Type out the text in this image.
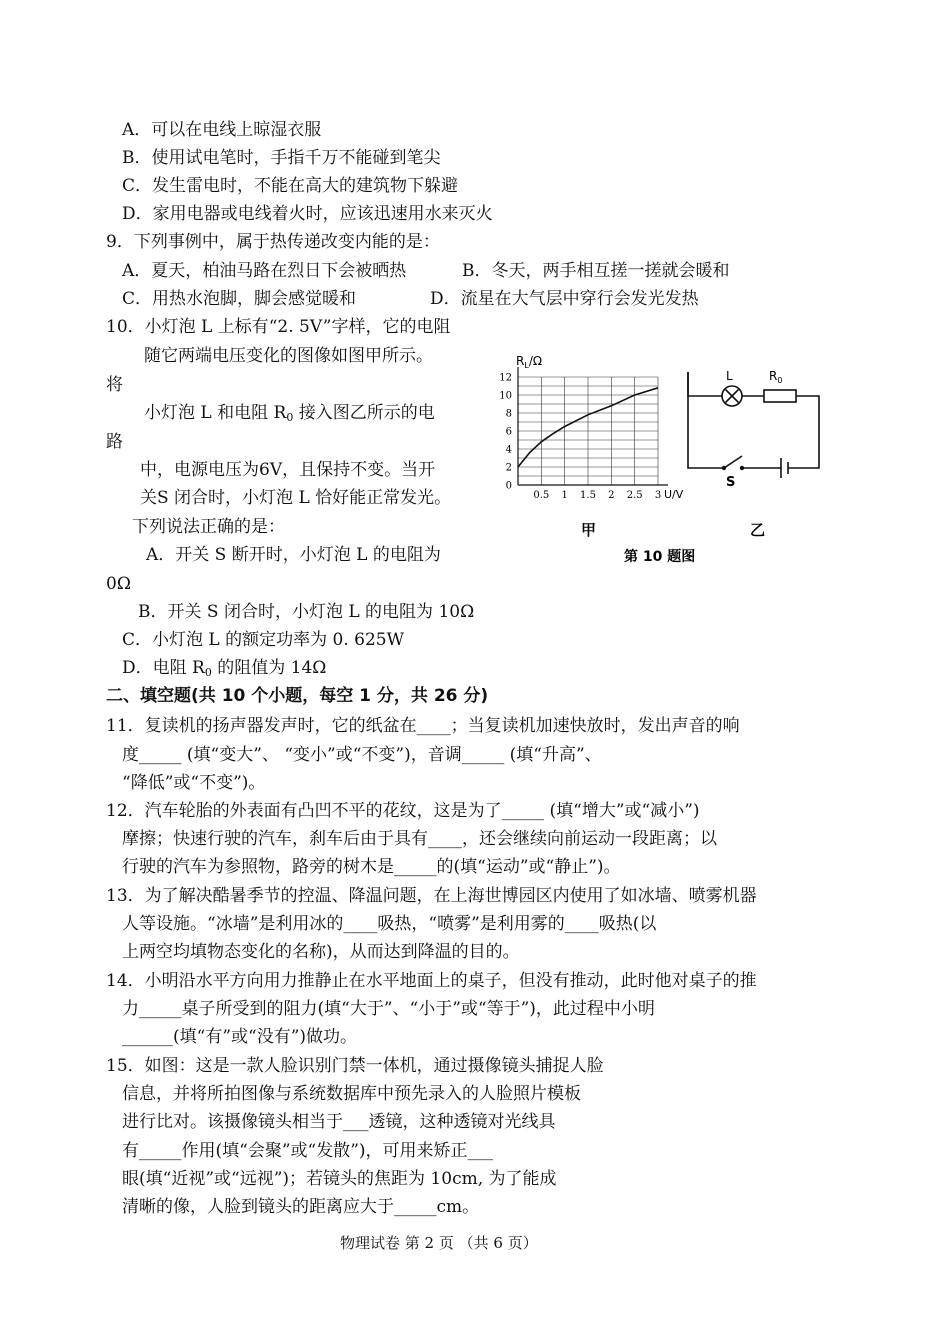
A．可以在电线上晾湿衣服
B．使用试电笔时，手指千万不能碰到笔尖
C．发生雷电时，不能在高大的建筑物下躲避
D．家用电器或电线着火时，应该迅速用水来灭火
9．下列事例中，属于热传递改变内能的是：
A．夏天，柏油马路在烈日下会被晒热	B．冬天，两手相互搓一搓就会暖和
C．用热水泡脚，脚会感觉暖和	D．流星在大气层中穿行会发光发热
10．小灯泡 L 上标有“2. 5V”字样，它的电阻
随它两端电压变化的图像如图甲所示。
将
小灯泡 L 和电阻 $R_0$ 接入图乙所示的电
路
中，电源电压为6V，且保持不变。当开
关S 闭合时，小灯泡 L 恰好能正常发光。
下列说法正确的是：
A．开关 S 断开时，小灯泡 L 的电阻为
0Ω
B．开关 S 闭合时，小灯泡 L 的电阻为 10Ω
C．小灯泡 L 的额定功率为 0. 625W
D．电阻 $R_0$ 的阻值为 14Ω
12
10
8
6
4
2
0
0.5 1 1.5 2 2.5 3
$R_L/\Omega$
U/V
L	$R_0$
S
甲	乙
第 10 题图
二、填空题(共 10 个小题，每空 1 分，共 26 分)
11．复读机的扬声器发声时，它的纸盆在____；当复读机加速快放时，发出声音的响
度_____ (填“变大”、 “变小”或“不变”)，音调_____ (填“升高”、
“降低”或“不变”)。
12．汽车轮胎的外表面有凸凹不平的花纹，这是为了_____ (填“增大”或“减小”)
摩擦；快速行驶的汽车，刹车后由于具有____，还会继续向前运动一段距离；以
行驶的汽车为参照物，路旁的树木是_____的(填“运动”或“静止”)。
13．为了解决酷暑季节的控温、降温问题，在上海世博园区内使用了如冰墙、喷雾机器
人等设施。“冰墙”是利用冰的____吸热，“喷雾”是利用雾的____吸热(以
上两空均填物态变化的名称)，从而达到降温的目的。
14．小明沿水平方向用力推静止在水平地面上的桌子，但没有推动，此时他对桌子的推
力_____桌子所受到的阻力(填“大于”、“小于”或“等于”)，此过程中小明
______(填“有”或“没有”)做功。
15．如图：这是一款人脸识别门禁一体机，通过摄像镜头捕捉人脸
信息，并将所拍图像与系统数据库中预先录入的人脸照片模板
进行比对。该摄像镜头相当于___透镜，这种透镜对光线具
有_____作用(填“会聚”或“发散”)，可用来矫正___
眼(填“近视”或“远视”)；若镜头的焦距为 10cm, 为了能成
清晰的像，人脸到镜头的距离应大于_____cm。
物理试卷 第 2 页 （共 6 页）
